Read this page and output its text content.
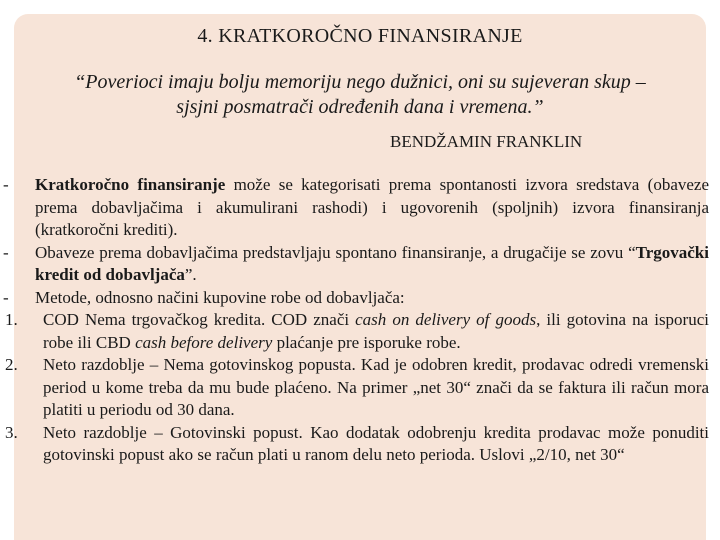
4. KRATKOROČNO FINANSIRANJE
“Poverioci imaju bolju memoriju nego dužnici, oni su sujeveran skup –
sjsjni posmatrači određenih dana i vremena.”
BENDŽAMIN FRANKLIN
- Kratkoročno finansiranje može se kategorisati prema spontanosti izvora sredstava (obaveze prema dobavljačima i akumulirani rashodi) i ugovorenih (spoljnih) izvora finansiranja (kratkoročni krediti).
- Obaveze prema dobavljačima predstavljaju spontano finansiranje, a drugačije se zovu “Trgovački kredit od dobavljača”.
- Metode, odnosno načini kupovine robe od dobavljača:
1. COD Nema trgovačkog kredita. COD znači cash on delivery of goods, ili gotovina na isporuci robe ili CBD cash before delivery plaćanje pre isporuke robe.
2. Neto razdoblje – Nema gotovinskog popusta. Kad je odobren kredit, prodavac odredi vremenski period u kome treba da mu bude plaćeno. Na primer „net 30“ znači da se faktura ili račun mora platiti u periodu od 30 dana.
3. Neto razdoblje – Gotovinski popust. Kao dodatak odobrenju kredita prodavac može ponuditi gotovinski popust ako se račun plati u ranom delu neto perioda. Uslovi „2/10, net 30“
